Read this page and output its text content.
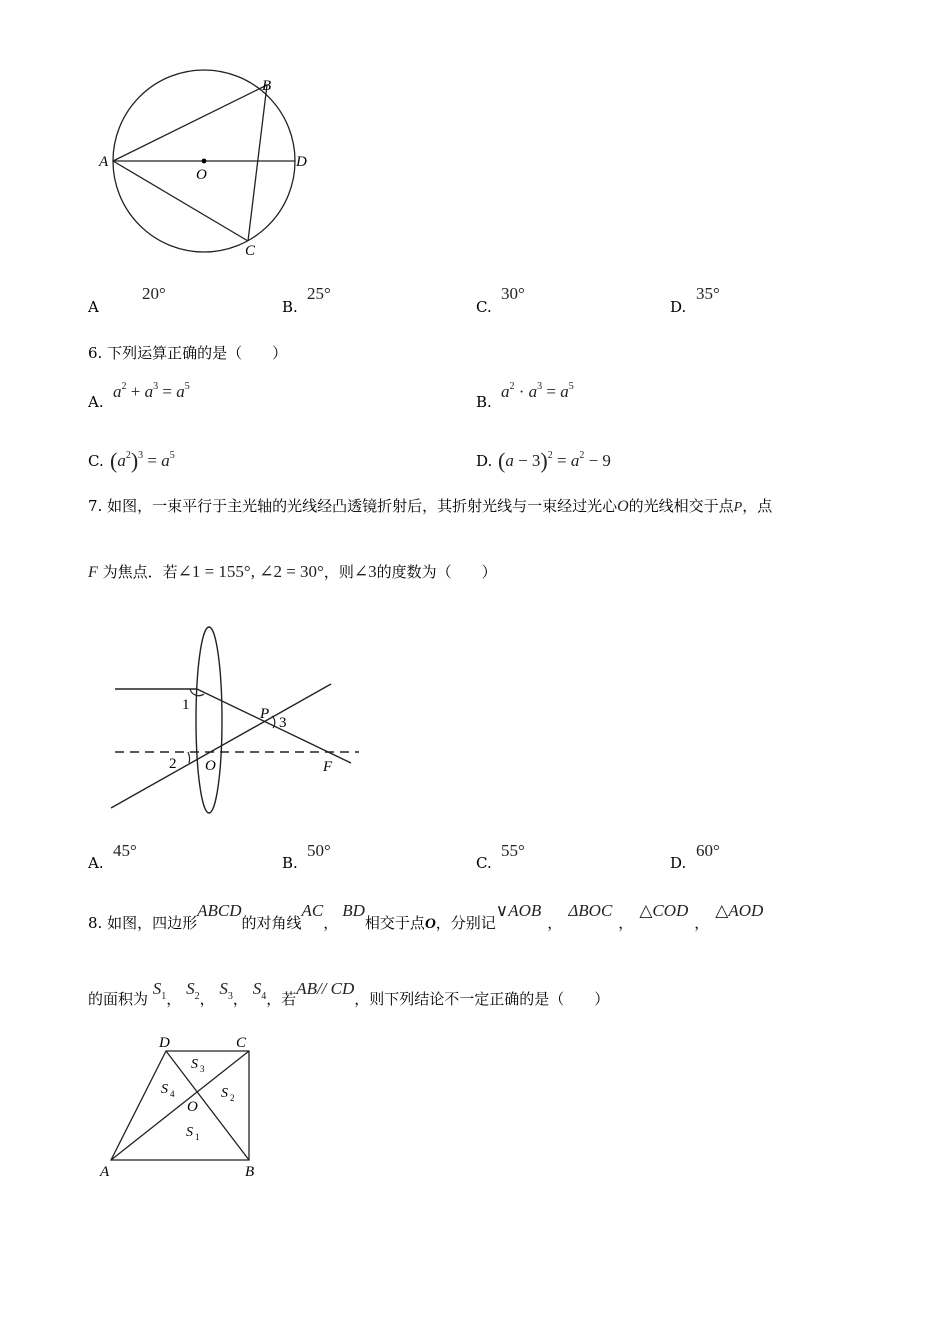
A
B
C
D
O
A
20°
B.
25°
C.
30°
D.
35°
6. 下列运算正确的是（　　）
A.
$a^2 + a^3 = a^5$
B.
$a^2 \cdot a^3 = a^5$
C. $(a^2)^3 = a^5$	D. $(a - 3)^2 = a^2 - 9$
7. 如图，一束平行于主光轴的光线经凸透镜折射后，其折射光线与一束经过光心O的光线相交于点P，点
F 为焦点．若∠1 = 155°, ∠2 = 30°，则∠3的度数为（　　）
1
2
3
P
O	F
A.
45°
B.
50°
C.
55°
D.
60°
8. 如图，四边形ABCD的对角线AC，BD相交于点O，分别记∨AOB，ΔBOC，△COD，△AOD
的面积为 $S_1$， $S_2$， $S_3$， $S_4$，若AB// CD，则下列结论不一定正确的是（　　）
D	C
A	B
O
S 3
S 4	S 2
S 1
